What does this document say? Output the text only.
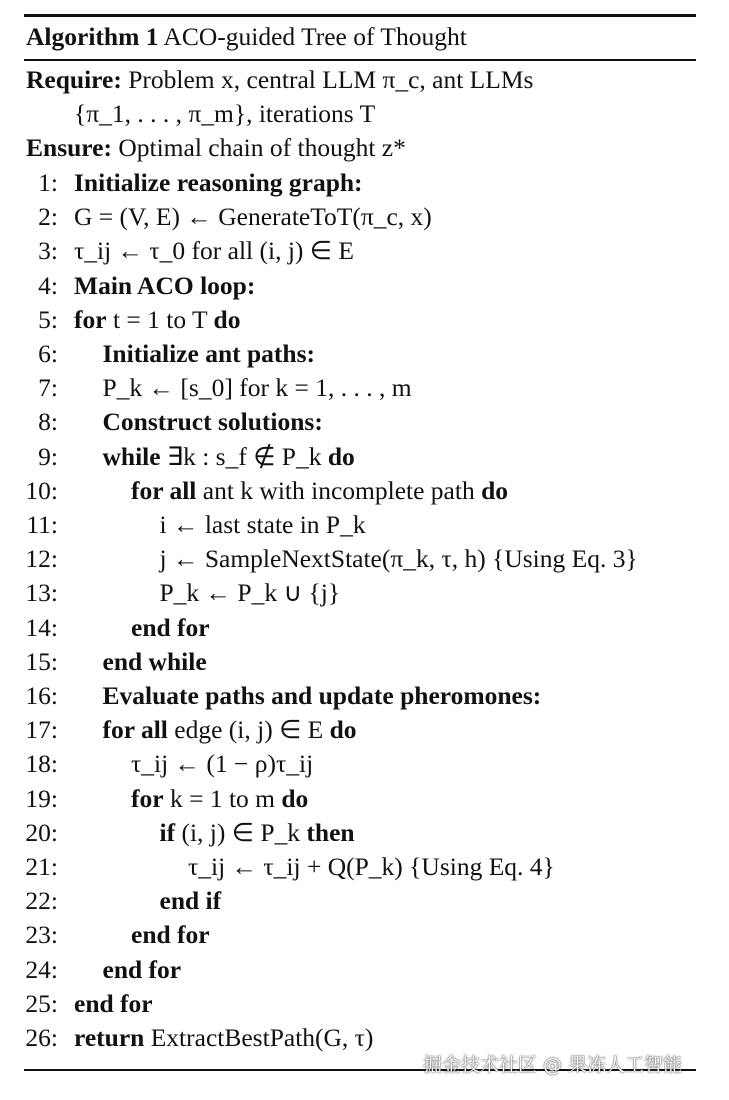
Algorithm 1 ACO-guided Tree of Thought
Require: Problem x, central LLM π_c, ant LLMs
{π_1, . . . , π_m}, iterations T
Ensure: Optimal chain of thought z*
1: Initialize reasoning graph:
2: G = (V, E) ← GenerateToT(π_c, x)
3: τ_ij ← τ_0 for all (i, j) ∈ E
4: Main ACO loop:
5: for t = 1 to T do
6: Initialize ant paths:
7: P_k ← [s_0] for k = 1, . . . , m
8: Construct solutions:
9: while ∃k : s_f ∉ P_k do
10:	for all ant k with incomplete path do
11:	i ← last state in P_k
12:	j ← SampleNextState(π_k, τ, h) {Using Eq. 3}
13:	P_k ← P_k ∪ {j}
14:	end for
15: end while
16: Evaluate paths and update pheromones:
17: for all edge (i, j) ∈ E do
18:	τ_ij ← (1 − ρ)τ_ij
19:	for k = 1 to m do
20:	if (i, j) ∈ P_k then
21:	τ_ij ← τ_ij + Q(P_k) {Using Eq. 4}
22:	end if
23:	end for
24: end for
25: end for
26: return ExtractBestPath(G, τ)
掘金技术社区 @ 果冻人工智能
